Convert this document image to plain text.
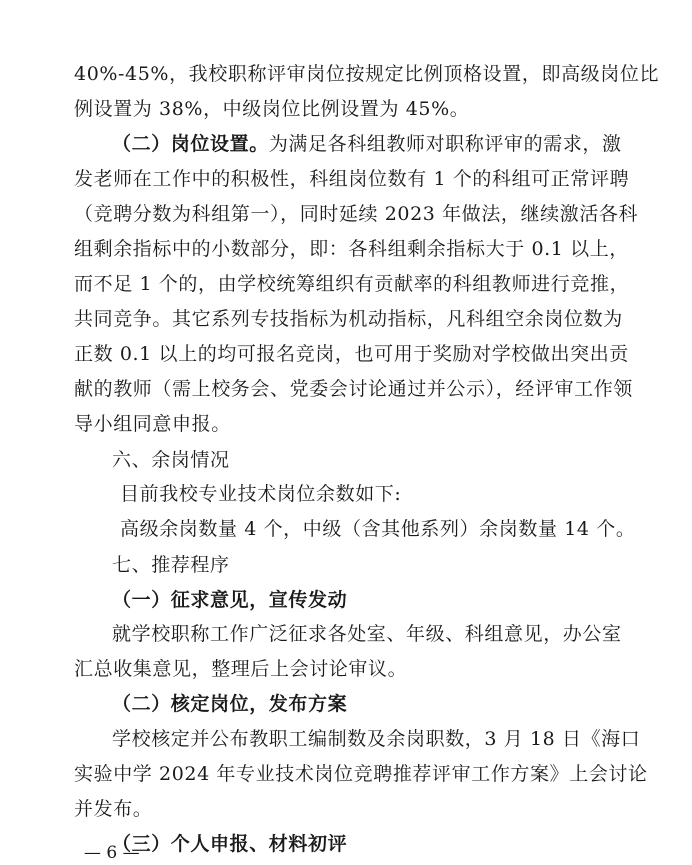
40%-45%，我校职称评审岗位按规定比例顶格设置，即高级岗位比
例设置为 38%，中级岗位比例设置为 45%。
（二）岗位设置。为满足各科组教师对职称评审的需求，激
发老师在工作中的积极性，科组岗位数有 1 个的科组可正常评聘
（竞聘分数为科组第一），同时延续 2023 年做法，继续激活各科
组剩余指标中的小数部分，即：各科组剩余指标大于 0.1 以上，
而不足 1 个的，由学校统筹组织有贡献率的科组教师进行竞推，
共同竞争。其它系列专技指标为机动指标，凡科组空余岗位数为
正数 0.1 以上的均可报名竞岗，也可用于奖励对学校做出突出贡
献的教师（需上校务会、党委会讨论通过并公示），经评审工作领
导小组同意申报。
六、余岗情况
目前我校专业技术岗位余数如下:
高级余岗数量 4 个，中级（含其他系列）余岗数量 14 个。
七、推荐程序
（一）征求意见，宣传发动
就学校职称工作广泛征求各处室、年级、科组意见，办公室
汇总收集意见，整理后上会讨论审议。
（二）核定岗位，发布方案
学校核定并公布教职工编制数及余岗职数，3 月 18 日《海口
实验中学 2024 年专业技术岗位竞聘推荐评审工作方案》上会讨论
并发布。
（三）个人申报、材料初评
— 6 —
